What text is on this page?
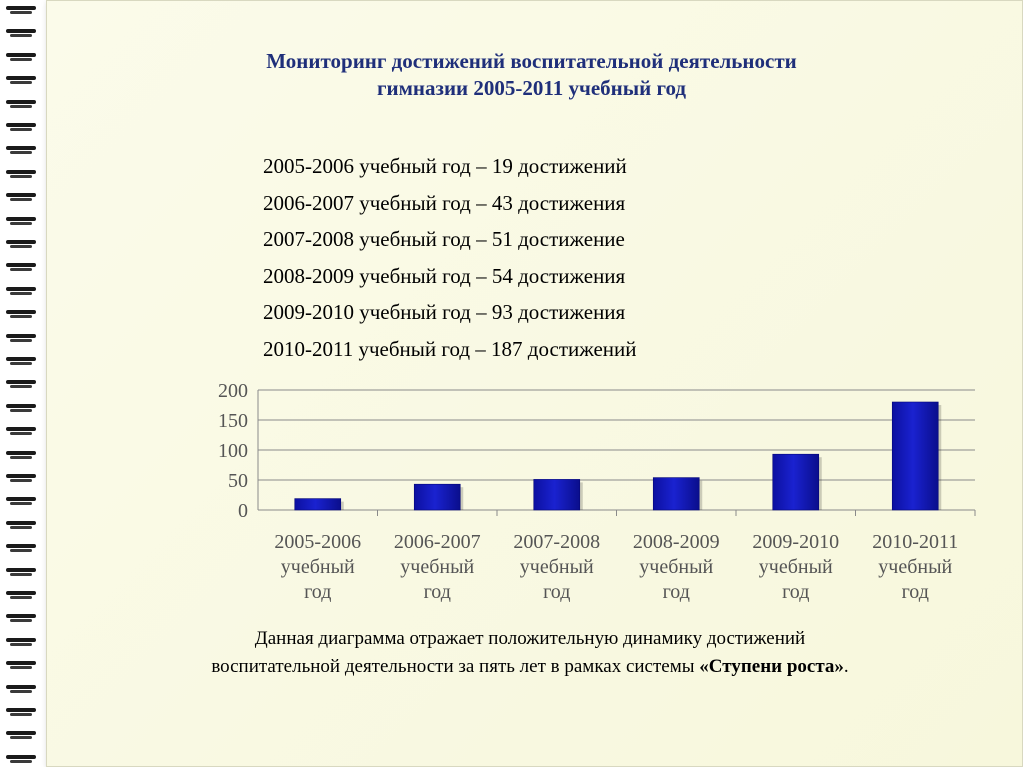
Мониторинг достижений воспитательной деятельности
гимназии 2005-2011 учебный год
2005-2006 учебный год – 19 достижений
2006-2007 учебный год – 43 достижения
2007-2008 учебный год – 51 достижение
2008-2009 учебный год – 54 достижения
2009-2010 учебный год – 93 достижения
2010-2011 учебный год – 187 достижений
0
50
100
150
200
2005-2006
учебный
год
2006-2007
учебный
год
2007-2008
учебный
год
2008-2009
учебный
год
2009-2010
учебный
год
2010-2011
учебный
год
Данная диаграмма отражает положительную динамику достижений
воспитательной деятельности за пять лет в рамках системы «Ступени роста».
